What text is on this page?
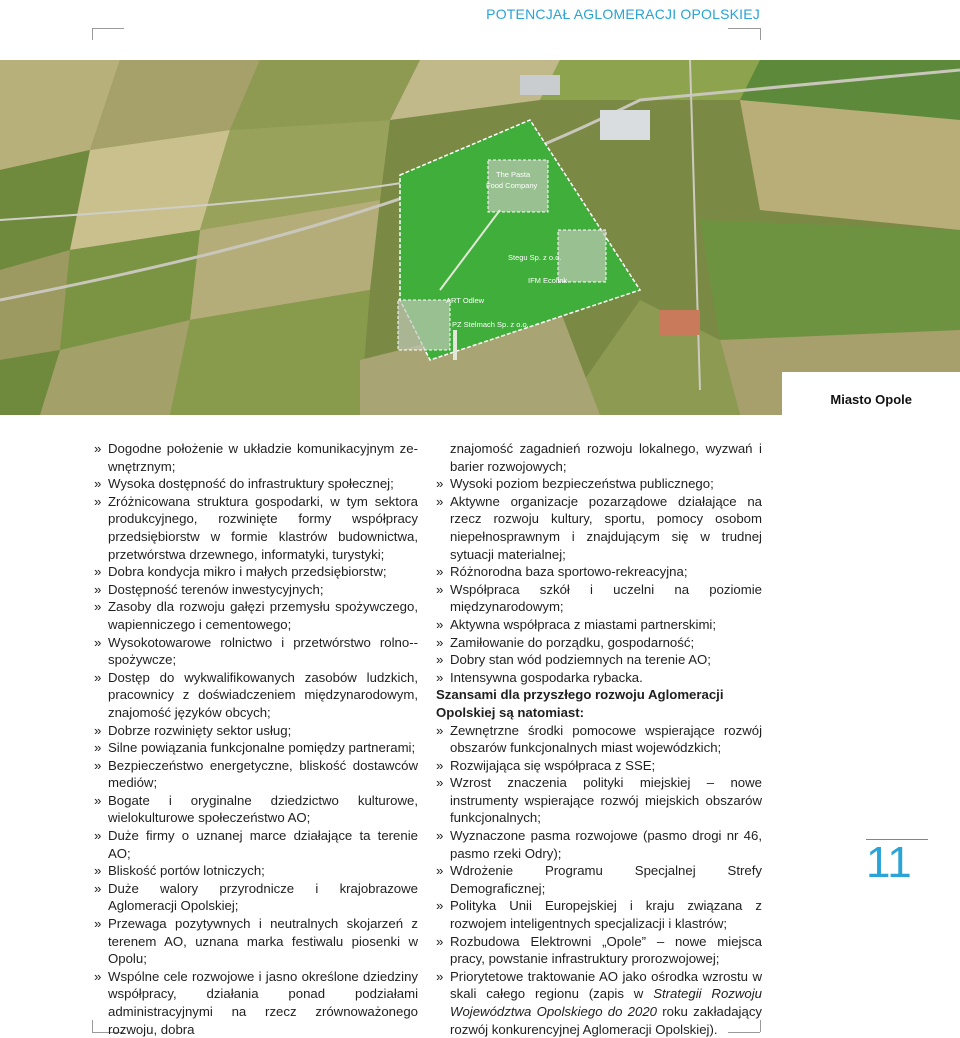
POTENCJAŁ AGLOMERACJI OPOLSKIEJ
The Pasta
Food Company
Stegu Sp. z o.o.
IFM Ecolink
ART Odlew
PZ Stelmach Sp. z o.o.
Miasto Opole
» Dogodne położenie w układzie komunikacyjnym ze-wnętrznym;
» Wysoka dostępność do infrastruktury społecznej;
» Zróżnicowana struktura gospodarki, w tym sektora produkcyjnego, rozwinięte formy współpracy przedsiębiorstw w formie klastrów budownictwa, przetwórstwa drzewnego, informatyki, turystyki;
» Dobra kondycja mikro i małych przedsiębiorstw;
» Dostępność terenów inwestycyjnych;
» Zasoby dla rozwoju gałęzi przemysłu spożywczego, wapienniczego i cementowego;
» Wysokotowarowe rolnictwo i przetwórstwo rolno--spożywcze;
» Dostęp do wykwalifikowanych zasobów ludzkich, pracownicy z doświadczeniem międzynarodowym, znajomość języków obcych;
» Dobrze rozwinięty sektor usług;
» Silne powiązania funkcjonalne pomiędzy partnerami;
» Bezpieczeństwo energetyczne, bliskość dostawców mediów;
» Bogate i oryginalne dziedzictwo kulturowe, wielokulturowe społeczeństwo AO;
» Duże firmy o uznanej marce działające ta terenie AO;
» Bliskość portów lotniczych;
» Duże walory przyrodnicze i krajobrazowe Aglomeracji Opolskiej;
» Przewaga pozytywnych i neutralnych skojarzeń z terenem AO, uznana marka festiwalu piosenki w Opolu;
» Wspólne cele rozwojowe i jasno określone dziedziny współpracy, działania ponad podziałami administracyjnymi na rzecz zrównoważonego rozwoju, dobra
znajomość zagadnień rozwoju lokalnego, wyzwań i barier rozwojowych;
» Wysoki poziom bezpieczeństwa publicznego;
» Aktywne organizacje pozarządowe działające na rzecz rozwoju kultury, sportu, pomocy osobom niepełnosprawnym i znajdującym się w trudnej sytuacji materialnej;
» Różnorodna baza sportowo-rekreacyjna;
» Współpraca szkół i uczelni na poziomie międzynarodowym;
» Aktywna współpraca z miastami partnerskimi;
» Zamiłowanie do porządku, gospodarność;
» Dobry stan wód podziemnych na terenie AO;
» Intensywna gospodarka rybacka.
Szansami dla przyszłego rozwoju Aglomeracji Opolskiej są natomiast:
» Zewnętrzne środki pomocowe wspierające rozwój obszarów funkcjonalnych miast wojewódzkich;
» Rozwijająca się współpraca z SSE;
» Wzrost znaczenia polityki miejskiej – nowe instrumenty wspierające rozwój miejskich obszarów funkcjonalnych;
» Wyznaczone pasma rozwojowe (pasmo drogi nr 46, pasmo rzeki Odry);
» Wdrożenie Programu Specjalnej Strefy Demograficznej;
» Polityka Unii Europejskiej i kraju związana z rozwojem inteligentnych specjalizacji i klastrów;
» Rozbudowa Elektrowni „Opole” – nowe miejsca pracy, powstanie infrastruktury prorozwojowej;
» Priorytetowe traktowanie AO jako ośrodka wzrostu w skali całego regionu (zapis w Strategii Rozwoju Województwa Opolskiego do 2020 roku zakładający rozwój konkurencyjnej Aglomeracji Opolskiej).
11
